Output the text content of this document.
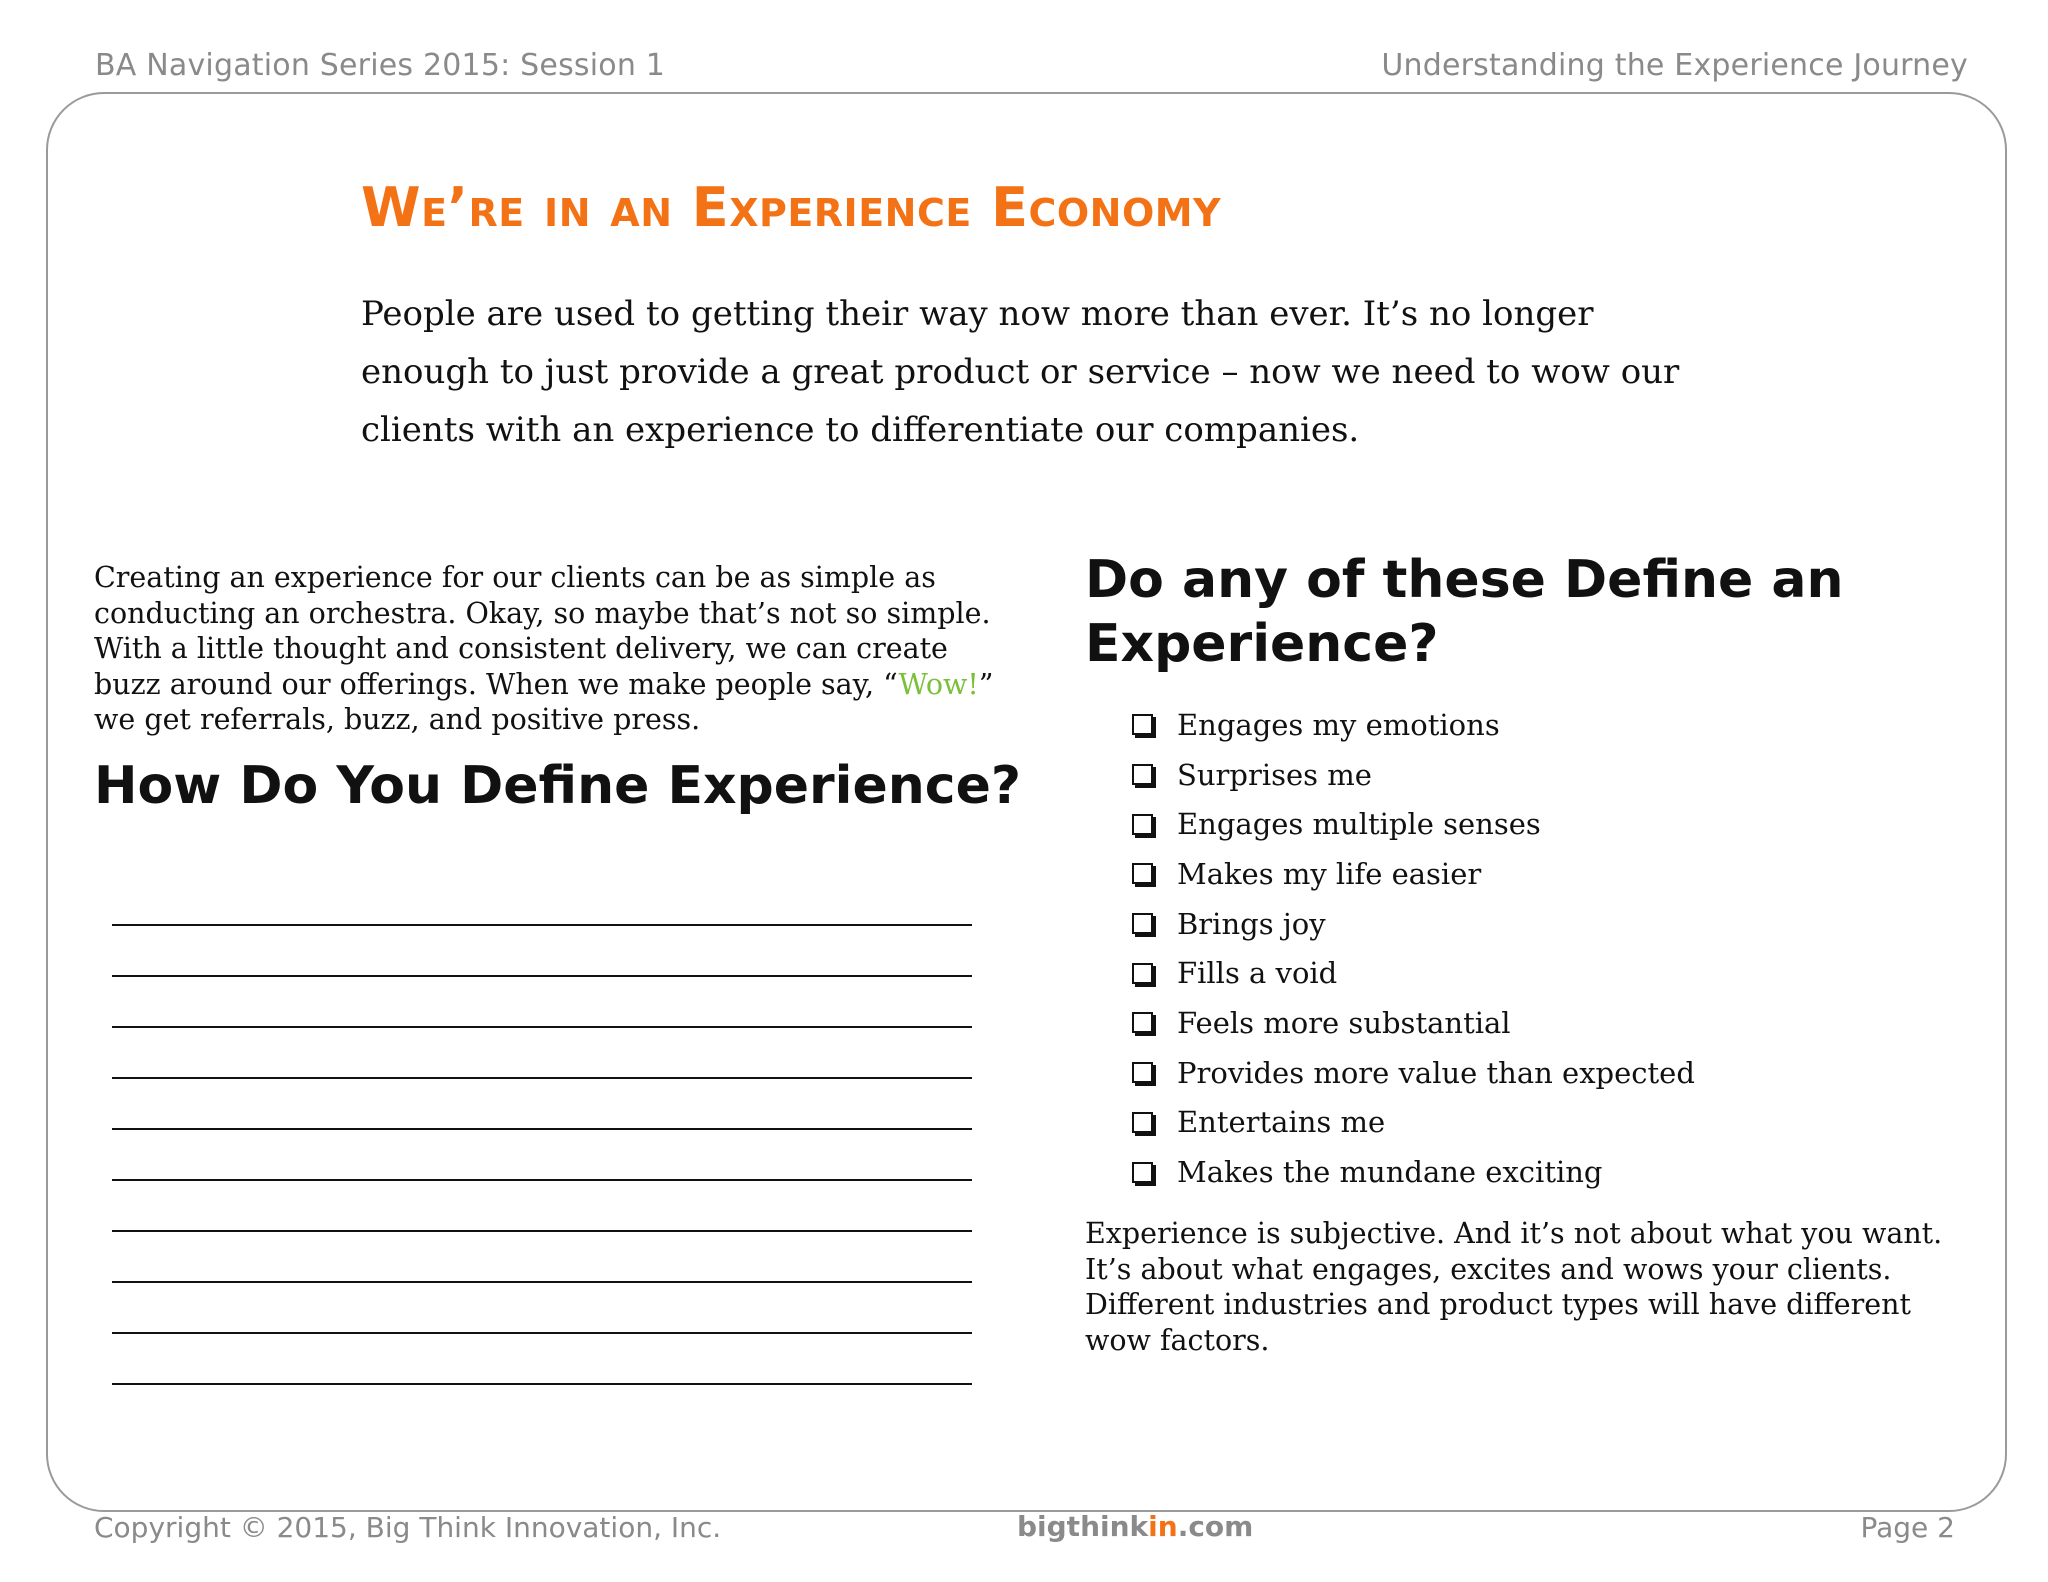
BA Navigation Series 2015: Session 1	Understanding the Experience Journey
We’re in an Experience Economy

People are used to getting their way now more than ever. It’s no longer enough to just provide a great product or service – now we need to wow our clients with an experience to differentiate our companies.

Creating an experience for our clients can be as simple as conducting an orchestra. Okay, so maybe that’s not so simple. With a little thought and consistent delivery, we can create buzz around our offerings. When we make people say, “Wow!” we get referrals, buzz, and positive press.

How Do You Define Experience?
Do any of these Define an Experience?
Engages my emotions
Surprises me
Engages multiple senses
Makes my life easier
Brings joy
Fills a void
Feels more substantial
Provides more value than expected
Entertains me
Makes the mundane exciting

Experience is subjective. And it’s not about what you want. It’s about what engages, excites and wows your clients. Different industries and product types will have different wow factors.

Copyright © 2015, Big Think Innovation, Inc.	bigthinkin.com	Page 2
